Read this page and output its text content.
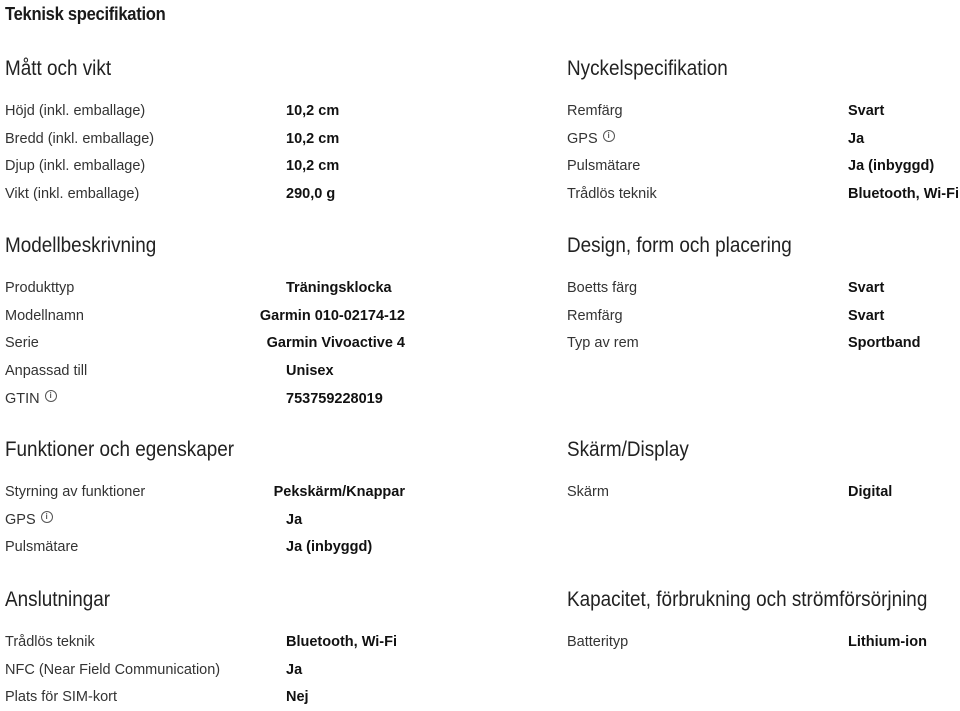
Teknisk specifikation
Mått och vikt
Höjd (inkl. emballage)	10,2 cm
Bredd (inkl. emballage)	10,2 cm
Djup (inkl. emballage)	10,2 cm
Vikt (inkl. emballage)	290,0 g
Nyckelspecifikation
Remfärg	Svart
GPS	i	Ja
Pulsmätare	Ja (inbyggd)
Trådlös teknik	Bluetooth, Wi-Fi
Modellbeskrivning
Produkttyp	Träningsklocka
Modellnamn	Garmin 010-02174-12
Serie	Garmin Vivoactive 4
Anpassad till	Unisex
GTIN	i	753759228019
Design, form och placering
Boetts färg	Svart
Remfärg	Svart
Typ av rem	Sportband
Funktioner och egenskaper
Styrning av funktioner	Pekskärm/Knappar
GPS	i	Ja
Pulsmätare	Ja (inbyggd)
Skärm/Display
Skärm	Digital
Anslutningar
Trådlös teknik	Bluetooth, Wi-Fi
NFC (Near Field Communication)	Ja
Plats för SIM-kort	Nej
Kapacitet, förbrukning och strömförsörjning
Batterityp	Lithium-ion
